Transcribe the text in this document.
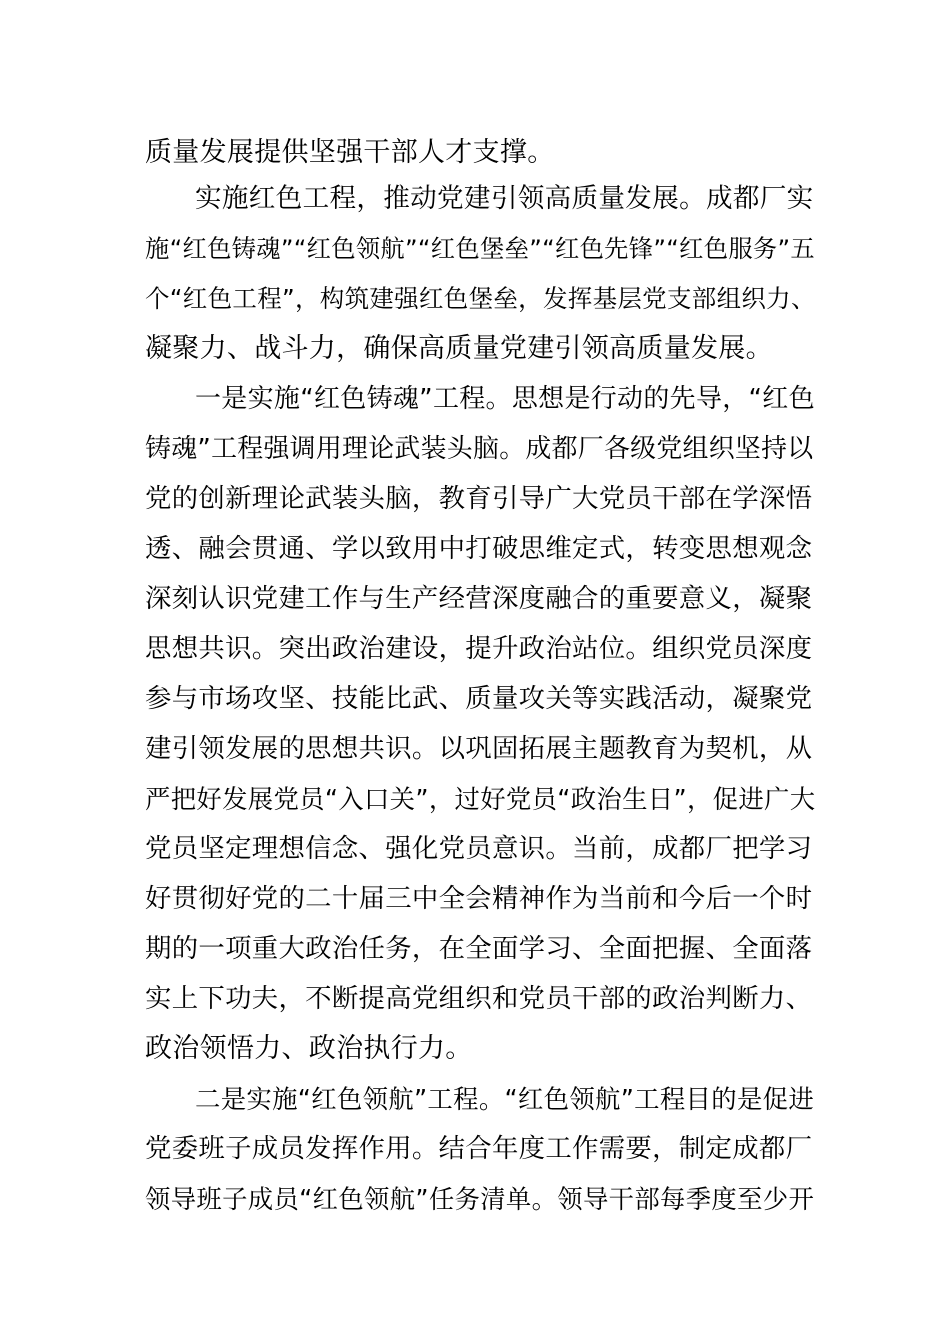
质量发展提供坚强干部人才支撑。
实施红色工程，推动党建引领高质量发展。成都厂实
施“红色铸魂”“红色领航”“红色堡垒”“红色先锋”“红色服务”五
个“红色工程”，构筑建强红色堡垒，发挥基层党支部组织力、
凝聚力、战斗力，确保高质量党建引领高质量发展。
一是实施“红色铸魂”工程。思想是行动的先导，“红色
铸魂”工程强调用理论武装头脑。成都厂各级党组织坚持以
党的创新理论武装头脑，教育引导广大党员干部在学深悟
透、融会贯通、学以致用中打破思维定式，转变思想观念
深刻认识党建工作与生产经营深度融合的重要意义，凝聚
思想共识。突出政治建设，提升政治站位。组织党员深度
参与市场攻坚、技能比武、质量攻关等实践活动，凝聚党
建引领发展的思想共识。以巩固拓展主题教育为契机，从
严把好发展党员“入口关”，过好党员“政治生日”，促进广大
党员坚定理想信念、强化党员意识。当前，成都厂把学习
好贯彻好党的二十届三中全会精神作为当前和今后一个时
期的一项重大政治任务，在全面学习、全面把握、全面落
实上下功夫，不断提高党组织和党员干部的政治判断力、
政治领悟力、政治执行力。
二是实施“红色领航”工程。“红色领航”工程目的是促进
党委班子成员发挥作用。结合年度工作需要，制定成都厂
领导班子成员“红色领航”任务清单。领导干部每季度至少开
